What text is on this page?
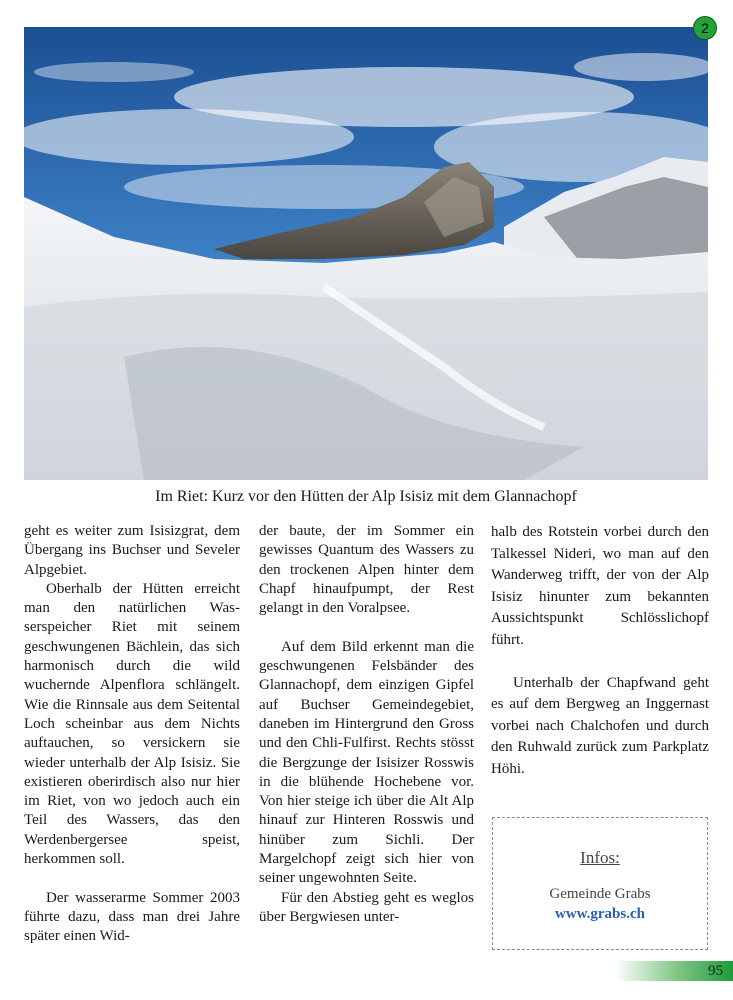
2
Im Riet: Kurz vor den Hütten der Alp Isisiz mit dem Glannachopf

geht es weiter zum Isisizgrat, dem Übergang ins Buchser und Seveler Alpgebiet.

Oberhalb der Hütten erreicht man den natürlichen Wasserspeicher Riet mit seinem geschwungenen Bächlein, das sich harmonisch durch die wild wuchernde Alpenflora schlängelt. Wie die Rinnsale aus dem Seitental Loch scheinbar aus dem Nichts auftauchen, so versickern sie wieder unterhalb der Alp Isisiz. Sie existieren oberirdisch also nur hier im Riet, von wo jedoch auch ein Teil des Wassers, das den Werdenbergersee speist, herkommen soll.

Der wasserarme Sommer 2003 führte dazu, dass man drei Jahre später einen Wid-

der baute, der im Sommer ein gewisses Quantum des Wassers zu den trockenen Alpen hinter dem Chapf hinaufpumpt, der Rest gelangt in den Voralpsee.

Auf dem Bild erkennt man die geschwungenen Felsbänder des Glannachopf, dem einzigen Gipfel auf Buchser Gemeindegebiet, daneben im Hintergrund den Gross und den Chli-Fulfirst. Rechts stösst die Bergzunge der Isisizer Rosswis in die blühende Hochebene vor. Von hier steige ich über die Alt Alp hinauf zur Hinteren Rosswis und hinüber zum Sichli. Der Margelchopf zeigt sich hier von seiner ungewohnten Seite.

Für den Abstieg geht es weglos über Bergwiesen unter-

halb des Rotstein vorbei durch den Talkessel Nideri, wo man auf den Wanderweg trifft, der von der Alp Isisiz hinunter zum bekannten Aussichtspunkt Schlösslichopf führt.

Unterhalb der Chapfwand geht es auf dem Bergweg an Inggernast vorbei nach Chalchofen und durch den Ruhwald zurück zum Parkplatz Höhi.

Infos:
Gemeinde Grabs
www.grabs.ch
95
